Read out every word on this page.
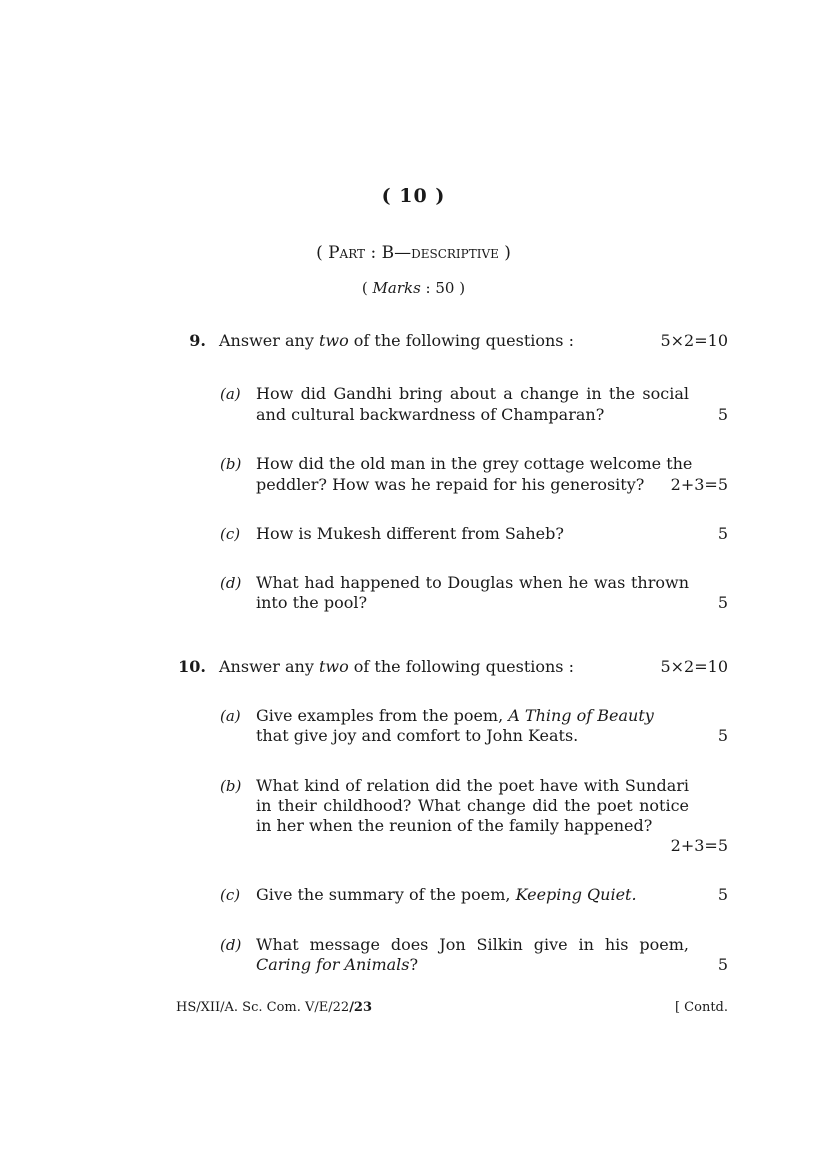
( 10 )
( Part : B—descriptive )
( Marks : 50 )
9. Answer any two of the following questions :	5×2=10
(a) How did Gandhi bring about a change in the social
and cultural backwardness of Champaran?	5
(b) How did the old man in the grey cottage welcome the
peddler? How was he repaid for his generosity?	2+3=5
(c) How is Mukesh different from Saheb?	5
(d) What had happened to Douglas when he was thrown
into the pool?	5
10. Answer any two of the following questions :	5×2=10
(a) Give examples from the poem, A Thing of Beauty
that give joy and comfort to John Keats.	5
(b) What kind of relation did the poet have with Sundari
in their childhood? What change did the poet notice
in her when the reunion of the family happened?
2+3=5
(c) Give the summary of the poem, Keeping Quiet.	5
(d) What message does Jon Silkin give in his poem,
Caring for Animals?	5
HS/XII/A. Sc. Com. V/E/22/23	[ Contd.
